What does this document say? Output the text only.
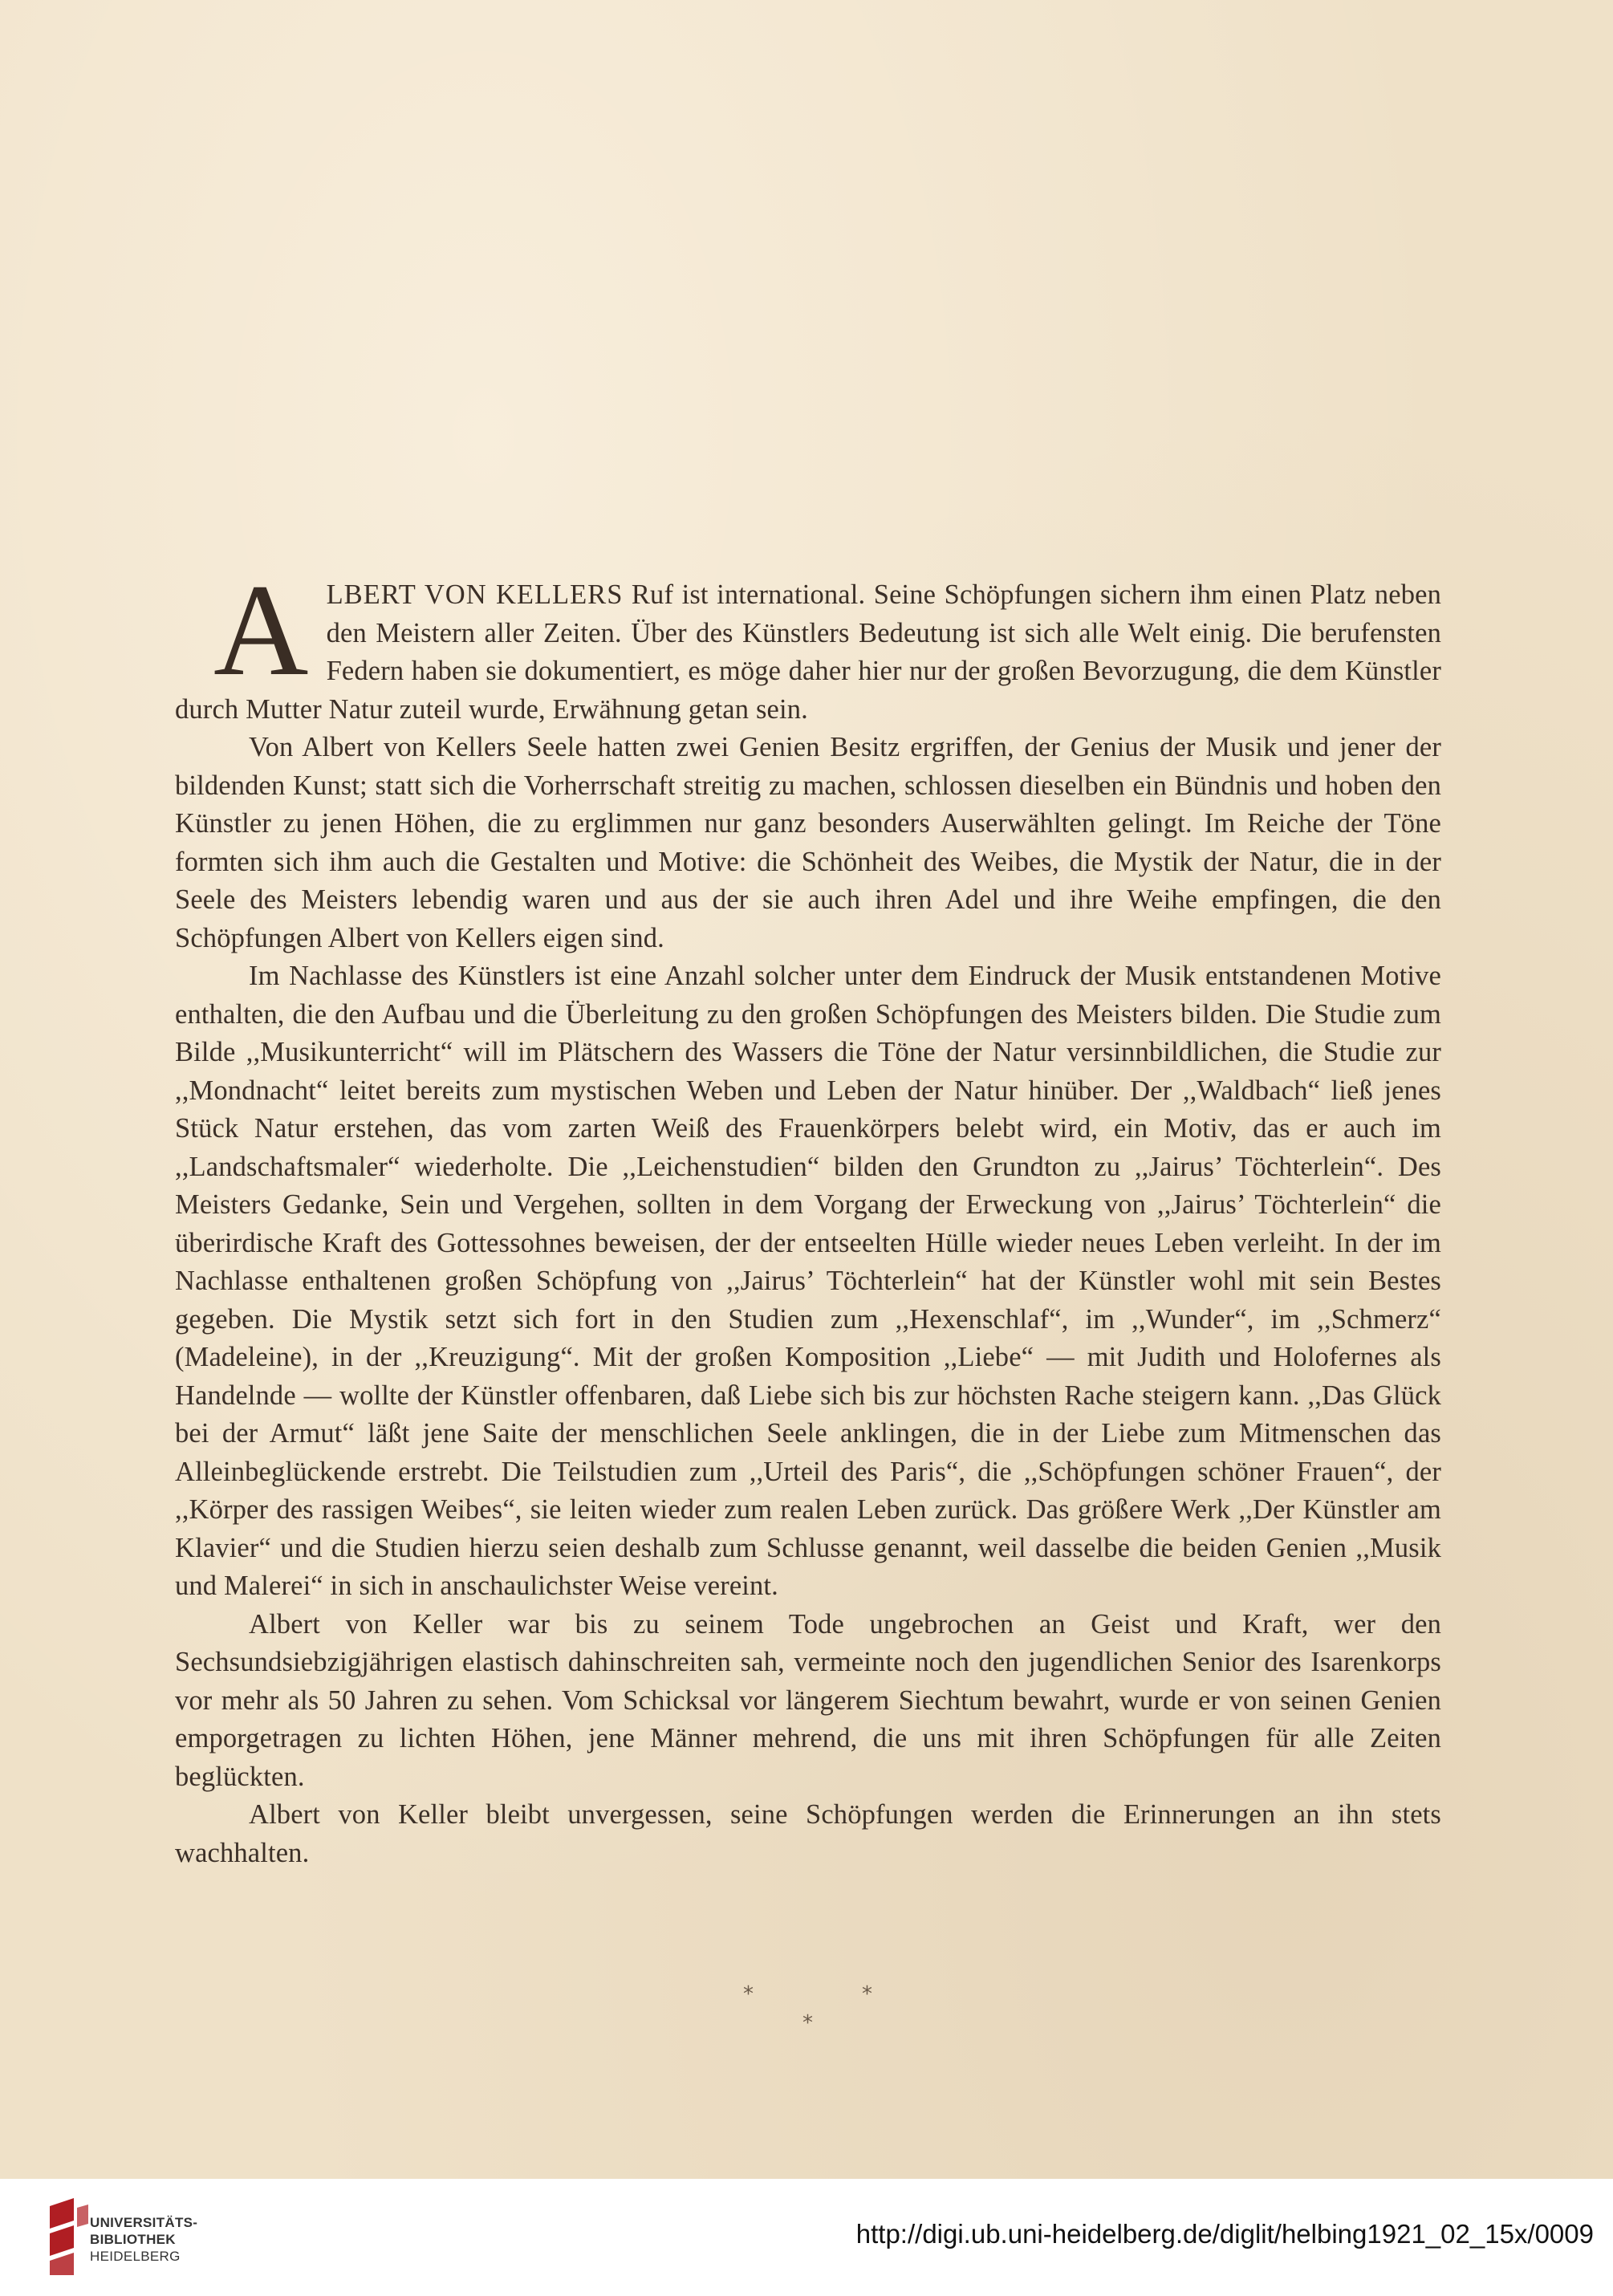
ALBERT VON KELLERS Ruf ist international. Seine Schöpfungen sichern ihm einen Platz neben den Meistern aller Zeiten. Über des Künstlers Bedeutung ist sich alle Welt einig. Die berufensten Federn haben sie dokumentiert, es möge daher hier nur der großen Bevorzugung, die dem Künstler durch Mutter Natur zuteil wurde, Erwähnung getan sein.

Von Albert von Kellers Seele hatten zwei Genien Besitz ergriffen, der Genius der Musik und jener der bildenden Kunst; statt sich die Vorherrschaft streitig zu machen, schlossen dieselben ein Bündnis und hoben den Künstler zu jenen Höhen, die zu erglimmen nur ganz besonders Auserwählten gelingt. Im Reiche der Töne formten sich ihm auch die Gestalten und Motive: die Schönheit des Weibes, die Mystik der Natur, die in der Seele des Meisters lebendig waren und aus der sie auch ihren Adel und ihre Weihe empfingen, die den Schöpfungen Albert von Kellers eigen sind.

Im Nachlasse des Künstlers ist eine Anzahl solcher unter dem Eindruck der Musik entstandenen Motive enthalten, die den Aufbau und die Überleitung zu den großen Schöpfungen des Meisters bilden. Die Studie zum Bilde ,,Musikunterricht“ will im Plätschern des Wassers die Töne der Natur versinnbildlichen, die Studie zur ,,Mondnacht“ leitet bereits zum mystischen Weben und Leben der Natur hinüber. Der ,,Waldbach“ ließ jenes Stück Natur erstehen, das vom zarten Weiß des Frauenkörpers belebt wird, ein Motiv, das er auch im ,,Landschaftsmaler“ wiederholte. Die ,,Leichenstudien“ bilden den Grundton zu ,,Jairus’ Töchterlein“. Des Meisters Gedanke, Sein und Vergehen, sollten in dem Vorgang der Erweckung von ,,Jairus’ Töchterlein“ die überirdische Kraft des Gottessohnes beweisen, der der entseelten Hülle wieder neues Leben verleiht. In der im Nachlasse enthaltenen großen Schöpfung von ,,Jairus’ Töchterlein“ hat der Künstler wohl mit sein Bestes gegeben. Die Mystik setzt sich fort in den Studien zum ,,Hexenschlaf“, im ,,Wunder“, im ,,Schmerz“ (Madeleine), in der ,,Kreuzigung“. Mit der großen Komposition ,,Liebe“ — mit Judith und Holofernes als Handelnde — wollte der Künstler offenbaren, daß Liebe sich bis zur höchsten Rache steigern kann. ,,Das Glück bei der Armut“ läßt jene Saite der menschlichen Seele anklingen, die in der Liebe zum Mitmenschen das Alleinbeglückende erstrebt. Die Teilstudien zum ,,Urteil des Paris“, die ,,Schöpfungen schöner Frauen“, der ,,Körper des rassigen Weibes“, sie leiten wieder zum realen Leben zurück. Das größere Werk ,,Der Künstler am Klavier“ und die Studien hierzu seien deshalb zum Schlusse genannt, weil dasselbe die beiden Genien ,,Musik und Malerei“ in sich in anschaulichster Weise vereint.

Albert von Keller war bis zu seinem Tode ungebrochen an Geist und Kraft, wer den Sechsundsiebzigjährigen elastisch dahinschreiten sah, vermeinte noch den jugendlichen Senior des Isarenkorps vor mehr als 50 Jahren zu sehen. Vom Schicksal vor längerem Siechtum bewahrt, wurde er von seinen Genien emporgetragen zu lichten Höhen, jene Männer mehrend, die uns mit ihren Schöpfungen für alle Zeiten beglückten.

Albert von Keller bleibt unvergessen, seine Schöpfungen werden die Erinnerungen an ihn stets wachhalten.

*	*
*
UNIVERSITÄTS-
BIBLIOTHEK
HEIDELBERG
http://digi.ub.uni-heidelberg.de/diglit/helbing1921_02_15x/0009
